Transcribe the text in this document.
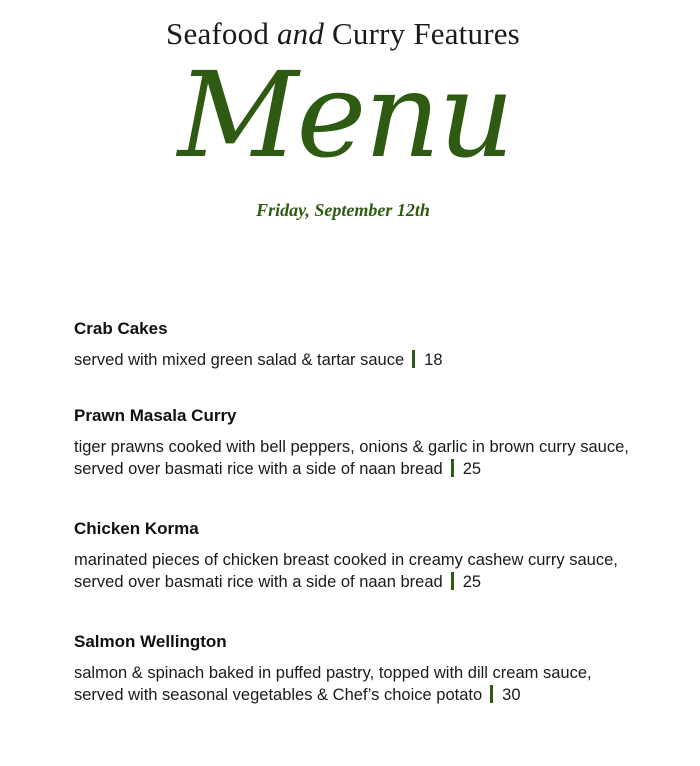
Seafood and Curry Features
Menu
Friday, September 12th
Crab Cakes
served with mixed green salad & tartar sauce 18
Prawn Masala Curry
tiger prawns cooked with bell peppers, onions & garlic in brown curry sauce, served over basmati rice with a side of naan bread 25
Chicken Korma
marinated pieces of chicken breast cooked in creamy cashew curry sauce, served over basmati rice with a side of naan bread 25
Salmon Wellington
salmon & spinach baked in puffed pastry, topped with dill cream sauce, served with seasonal vegetables & Chef’s choice potato 30
